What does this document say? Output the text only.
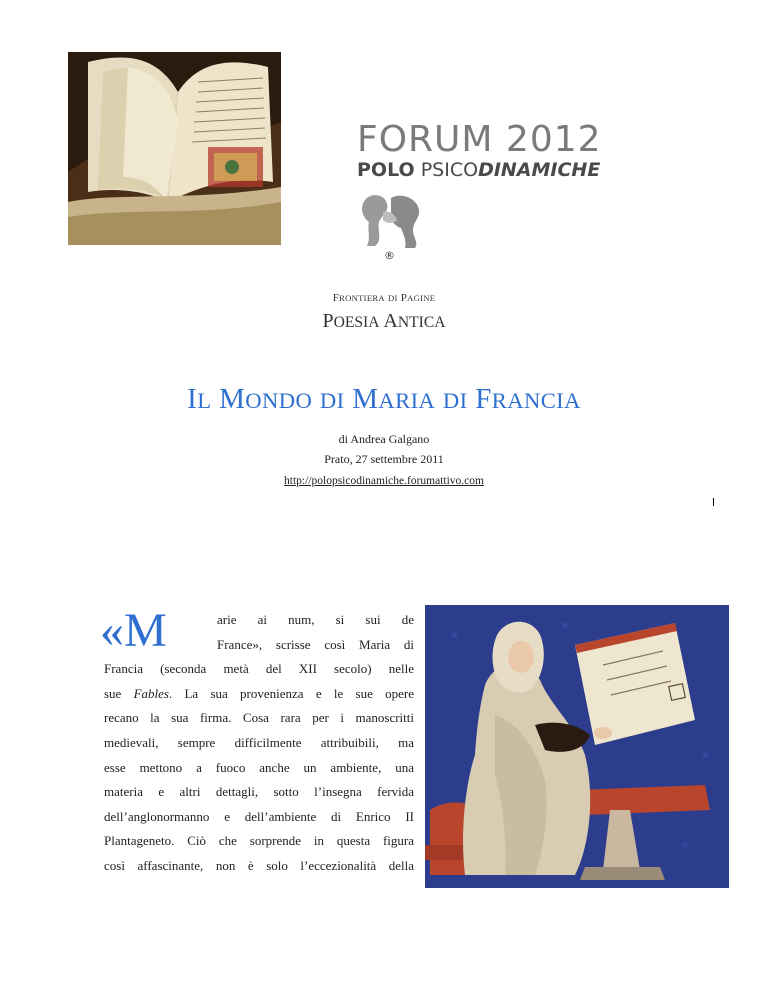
FORUM 2012
POLO PSICODINAMICHE
®
FRONTIERA DI PAGINE
POESIA ANTICA
IL MONDO DI MARIA DI FRANCIA
di Andrea Galgano
Prato, 27 settembre 2011
http://polopsicodinamiche.forumattivo.com
«M	arie ai num, si sui de
France», scrisse così Maria di
Francia (seconda metà del XII secolo) nelle
sue Fables. La sua provenienza e le sue opere
recano la sua firma. Cosa rara per i manoscritti
medievali, sempre difficilmente attribuibili, ma
esse mettono a fuoco anche un ambiente, una
materia e altri dettagli, sotto l’insegna fervida
dell’anglonormanno e dell’ambiente di Enrico II
Plantageneto. Ciò che sorprende in questa figura
così affascinante, non è solo l’eccezionalità della
